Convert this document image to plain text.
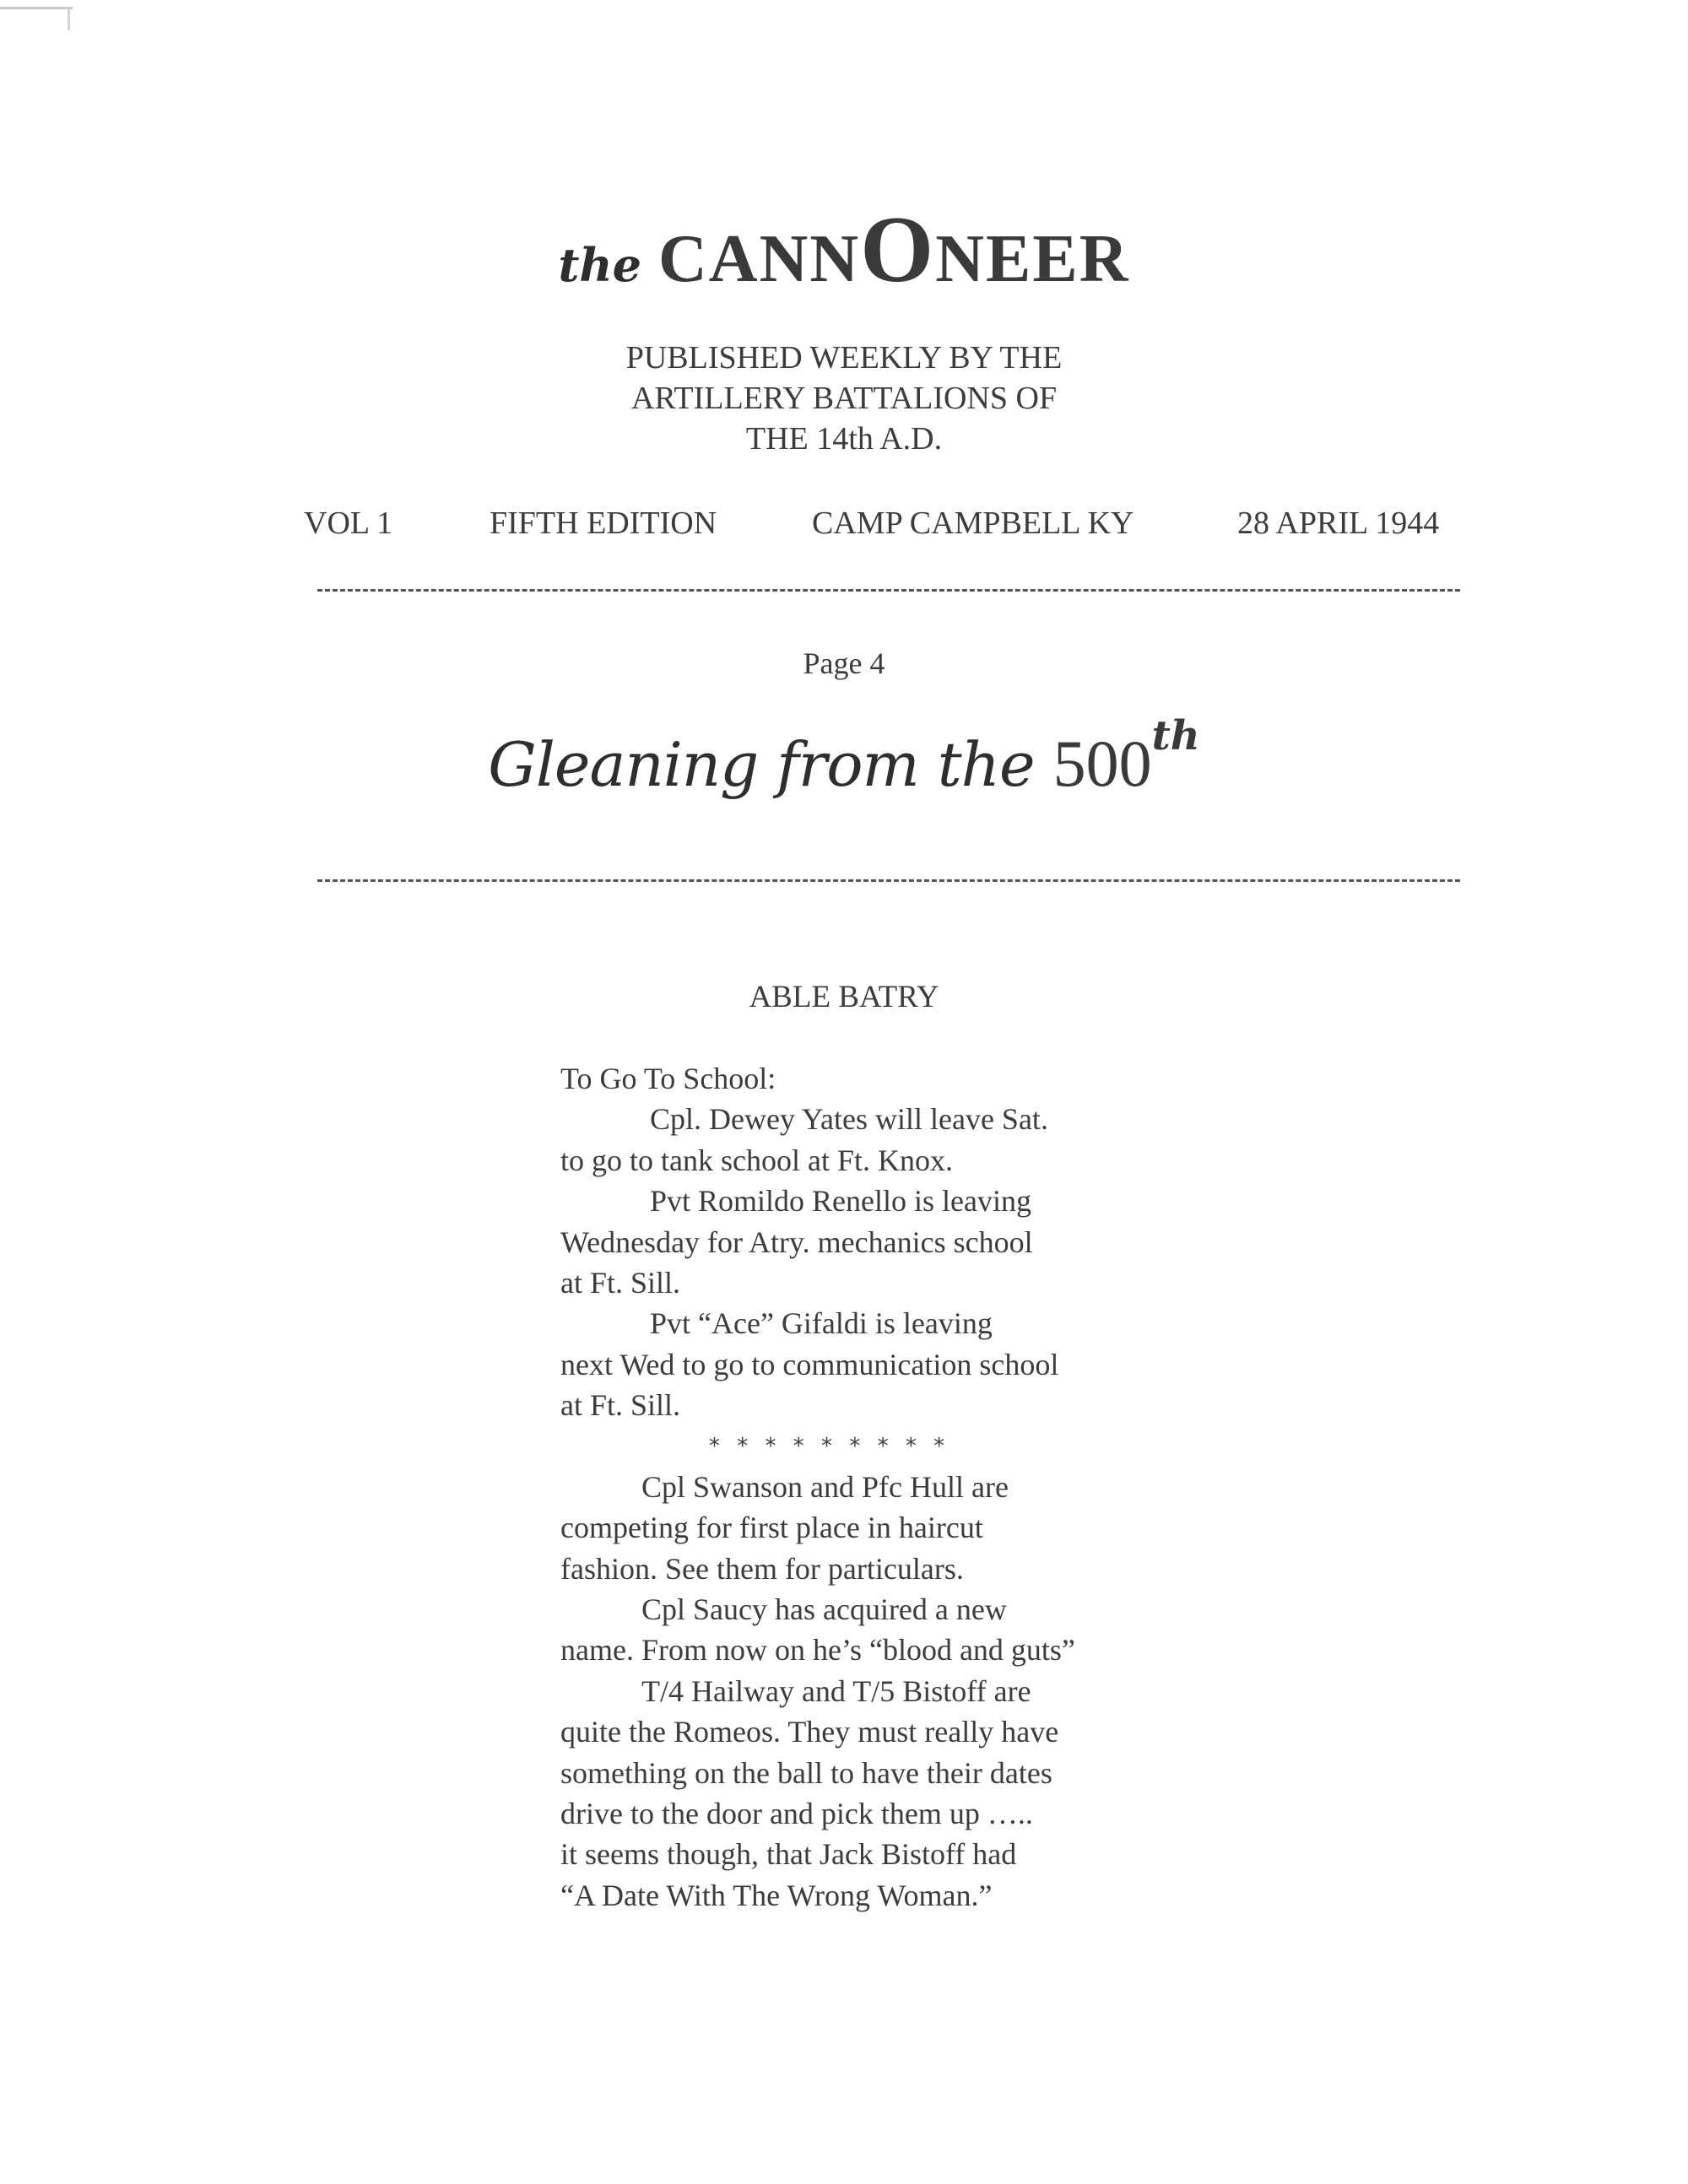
the CANNONEER
PUBLISHED WEEKLY BY THE
ARTILLERY BATTALIONS OF
THE 14th A.D.
VOL 1	FIFTH EDITION	CAMP CAMPBELL KY	28 APRIL 1944
Page 4
Gleaning from the 500th
ABLE BATRY
To Go To School:
Cpl. Dewey Yates will leave Sat.
to go to tank school at Ft. Knox.
Pvt Romildo Renello is leaving
Wednesday for Atry. mechanics school
at Ft. Sill.
Pvt “Ace” Gifaldi is leaving
next Wed to go to communication school
at Ft. Sill.
* * * * * * * * *
Cpl Swanson and Pfc Hull are
competing for first place in haircut
fashion. See them for particulars.
Cpl Saucy has acquired a new
name. From now on he’s “blood and guts”
T/4 Hailway and T/5 Bistoff are
quite the Romeos. They must really have
something on the ball to have their dates
drive to the door and pick them up …..
it seems though, that Jack Bistoff had
“A Date With The Wrong Woman.”
